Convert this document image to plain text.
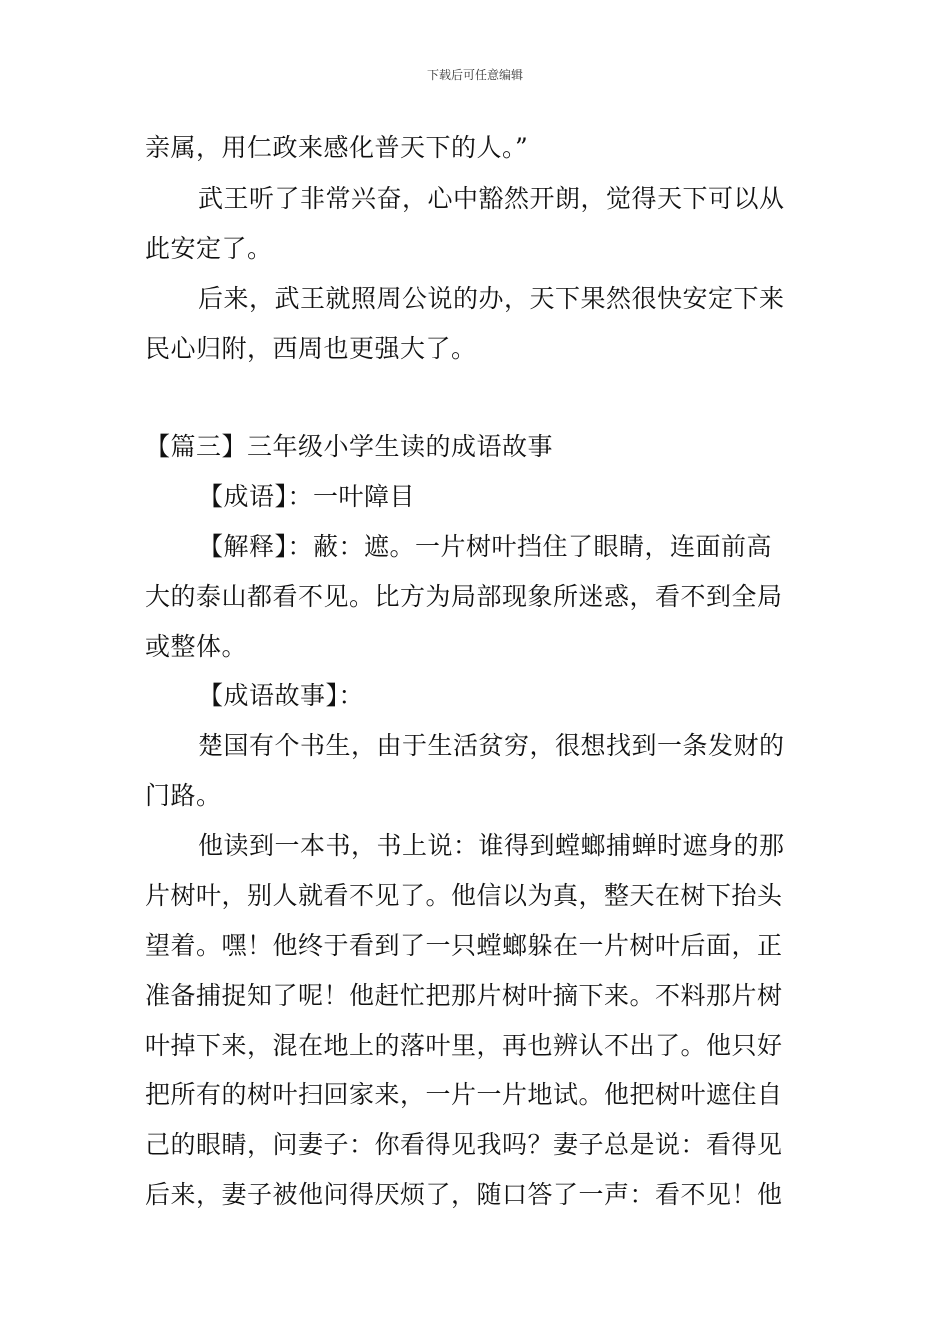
下载后可任意编辑
亲属，用仁政来感化普天下的人。”
武王听了非常兴奋，心中豁然开朗，觉得天下可以从
此安定了。
后来，武王就照周公说的办，天下果然很快安定下来
民心归附，西周也更强大了。
【篇三】三年级小学生读的成语故事
【成语】：一叶障目
【解释】：蔽：遮。一片树叶挡住了眼睛，连面前高
大的泰山都看不见。比方为局部现象所迷惑，看不到全局
或整体。
【成语故事】：
楚国有个书生，由于生活贫穷，很想找到一条发财的
门路。
他读到一本书，书上说：谁得到螳螂捕蝉时遮身的那
片树叶，别人就看不见了。他信以为真，整天在树下抬头
望着。嘿！他终于看到了一只螳螂躲在一片树叶后面，正
准备捕捉知了呢！他赶忙把那片树叶摘下来。不料那片树
叶掉下来，混在地上的落叶里，再也辨认不出了。他只好
把所有的树叶扫回家来，一片一片地试。他把树叶遮住自
己的眼睛，问妻子：你看得见我吗？妻子总是说：看得见
后来，妻子被他问得厌烦了，随口答了一声：看不见！他
